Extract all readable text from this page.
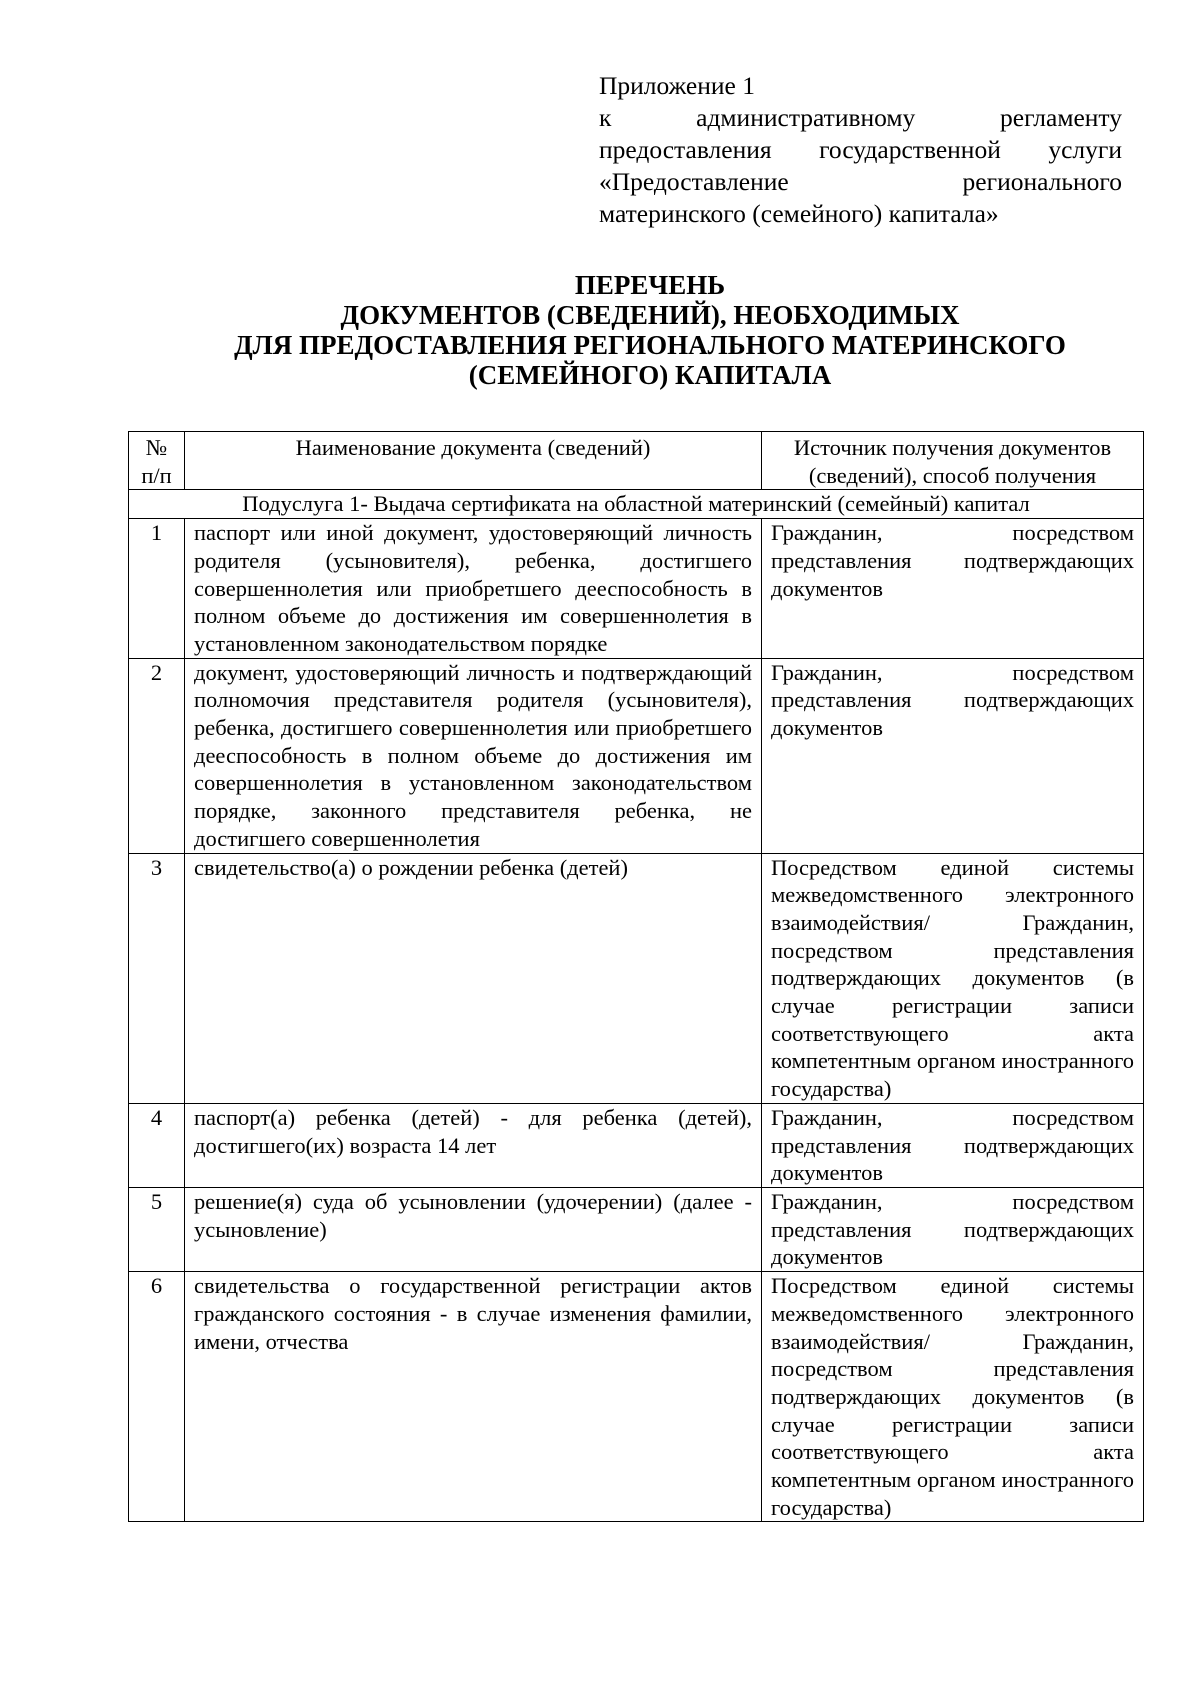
Приложение 1
к административному регламенту
предоставления государственной услуги
«Предоставление регионального
материнского (семейного) капитала»
ПЕРЕЧЕНЬ
ДОКУМЕНТОВ (СВЕДЕНИЙ), НЕОБХОДИМЫХ
ДЛЯ ПРЕДОСТАВЛЕНИЯ РЕГИОНАЛЬНОГО МАТЕРИНСКОГО
(СЕМЕЙНОГО) КАПИТАЛА
№ п/п	Наименование документа (сведений)	Источник получения документов (сведений), способ получения
Подуслуга 1- Выдача сертификата на областной материнский (семейный) капитал		
1	паспорт или иной документ, удостоверяющий личность родителя (усыновителя), ребенка, достигшего совершеннолетия или приобретшего дееспособность в полном объеме до достижения им совершеннолетия в установленном законодательством порядке	Гражданин, посредством представления подтверждающих документов
2	документ, удостоверяющий личность и подтверждающий полномочия представителя родителя (усыновителя), ребенка, достигшего совершеннолетия или приобретшего дееспособность в полном объеме до достижения им совершеннолетия в установленном законодательством порядке, законного представителя ребенка, не достигшего совершеннолетия	Гражданин, посредством представления подтверждающих документов
3	свидетельство(а) о рождении ребенка (детей)	Посредством единой системы межведомственного электронного взаимодействия/ Гражданин, посредством представления подтверждающих документов (в случае регистрации записи соответствующего акта компетентным органом иностранного государства)
4	паспорт(а) ребенка (детей) - для ребенка (детей), достигшего(их) возраста 14 лет	Гражданин, посредством представления подтверждающих документов
5	решение(я) суда об усыновлении (удочерении) (далее - усыновление)	Гражданин, посредством представления подтверждающих документов
6	свидетельства о государственной регистрации актов гражданского состояния - в случае изменения фамилии, имени, отчества	Посредством единой системы межведомственного электронного взаимодействия/ Гражданин, посредством представления подтверждающих документов (в случае регистрации записи соответствующего акта компетентным органом иностранного государства)
